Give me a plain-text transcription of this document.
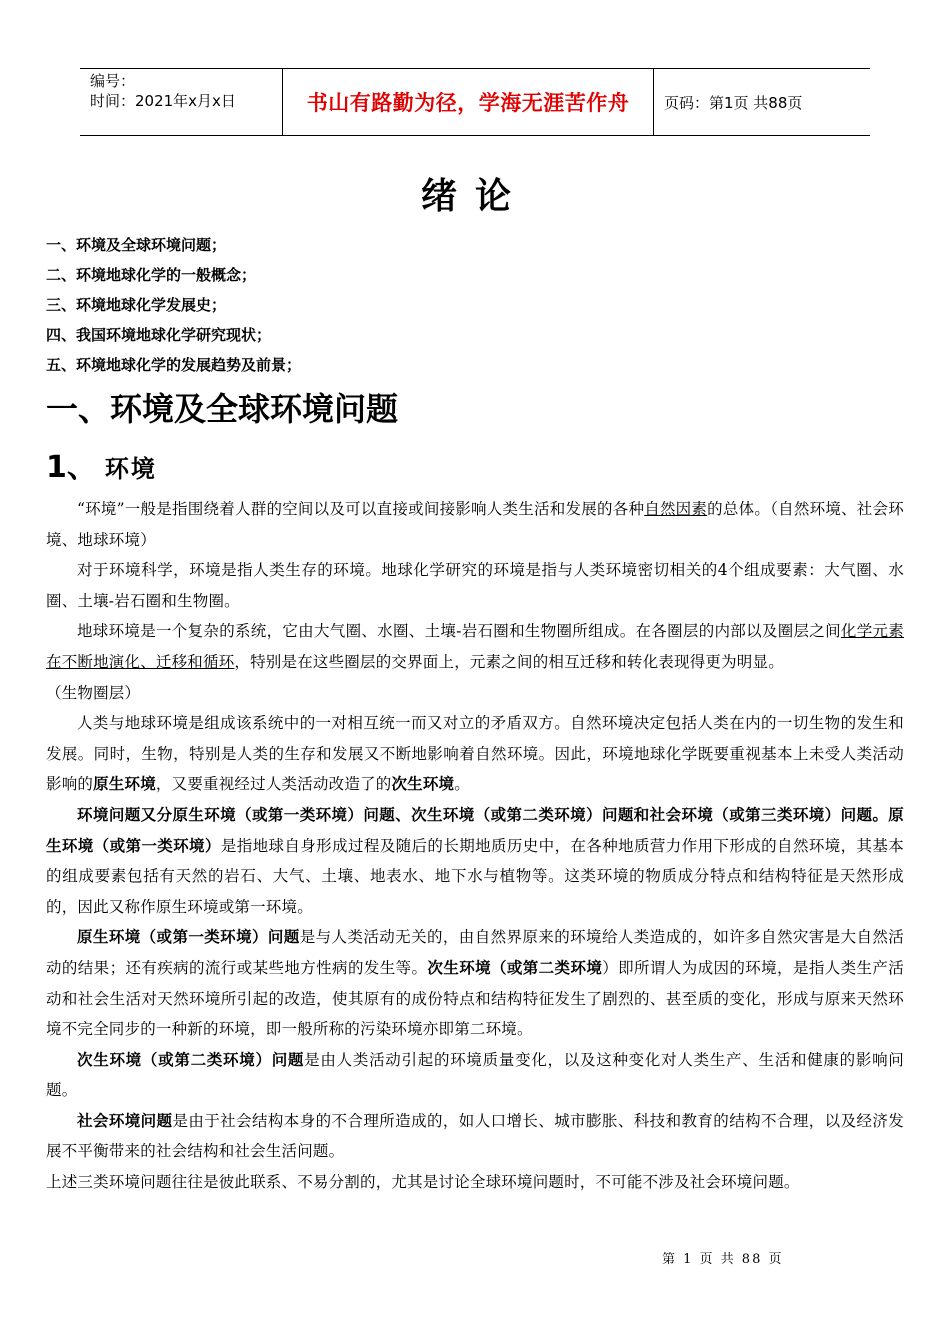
编号：
时间：2021年x月x日	书山有路勤为径，学海无涯苦作舟	页码：第1页 共88页
绪论
一、环境及全球环境问题；
二、环境地球化学的一般概念；
三、环境地球化学发展史；
四、我国环境地球化学研究现状；
五、环境地球化学的发展趋势及前景；
一、环境及全球环境问题
1、 环境

“环境”一般是指围绕着人群的空间以及可以直接或间接影响人类生活和发展的各种自然因素的总体。（自然环境、社会环境、地球环境）

对于环境科学，环境是指人类生存的环境。地球化学研究的环境是指与人类环境密切相关的4个组成要素：大气圈、水圈、土壤-岩石圈和生物圈。

地球环境是一个复杂的系统，它由大气圈、水圈、土壤-岩石圈和生物圈所组成。在各圈层的内部以及圈层之间化学元素在不断地演化、迁移和循环，特别是在这些圈层的交界面上，元素之间的相互迁移和转化表现得更为明显。

（生物圈层）

人类与地球环境是组成该系统中的一对相互统一而又对立的矛盾双方。自然环境决定包括人类在内的一切生物的发生和发展。同时，生物，特别是人类的生存和发展又不断地影响着自然环境。因此，环境地球化学既要重视基本上未受人类活动影响的原生环境，又要重视经过人类活动改造了的次生环境。

环境问题又分原生环境（或第一类环境）问题、次生环境（或第二类环境）问题和社会环境（或第三类环境）问题。原生环境（或第一类环境）是指地球自身形成过程及随后的长期地质历史中，在各种地质营力作用下形成的自然环境，其基本的组成要素包括有天然的岩石、大气、土壤、地表水、地下水与植物等。这类环境的物质成分特点和结构特征是天然形成的，因此又称作原生环境或第一环境。

原生环境（或第一类环境）问题是与人类活动无关的，由自然界原来的环境给人类造成的，如许多自然灾害是大自然活动的结果；还有疾病的流行或某些地方性病的发生等。次生环境（或第二类环境）即所谓人为成因的环境，是指人类生产活动和社会生活对天然环境所引起的改造，使其原有的成份特点和结构特征发生了剧烈的、甚至质的变化，形成与原来天然环境不完全同步的一种新的环境，即一般所称的污染环境亦即第二环境。

次生环境（或第二类环境）问题是由人类活动引起的环境质量变化，以及这种变化对人类生产、生活和健康的影响问题。

社会环境问题是由于社会结构本身的不合理所造成的，如人口增长、城市膨胀、科技和教育的结构不合理，以及经济发展不平衡带来的社会结构和社会生活问题。

上述三类环境问题往往是彼此联系、不易分割的，尤其是讨论全球环境问题时，不可能不涉及社会环境问题。

第 1 页 共 88 页
